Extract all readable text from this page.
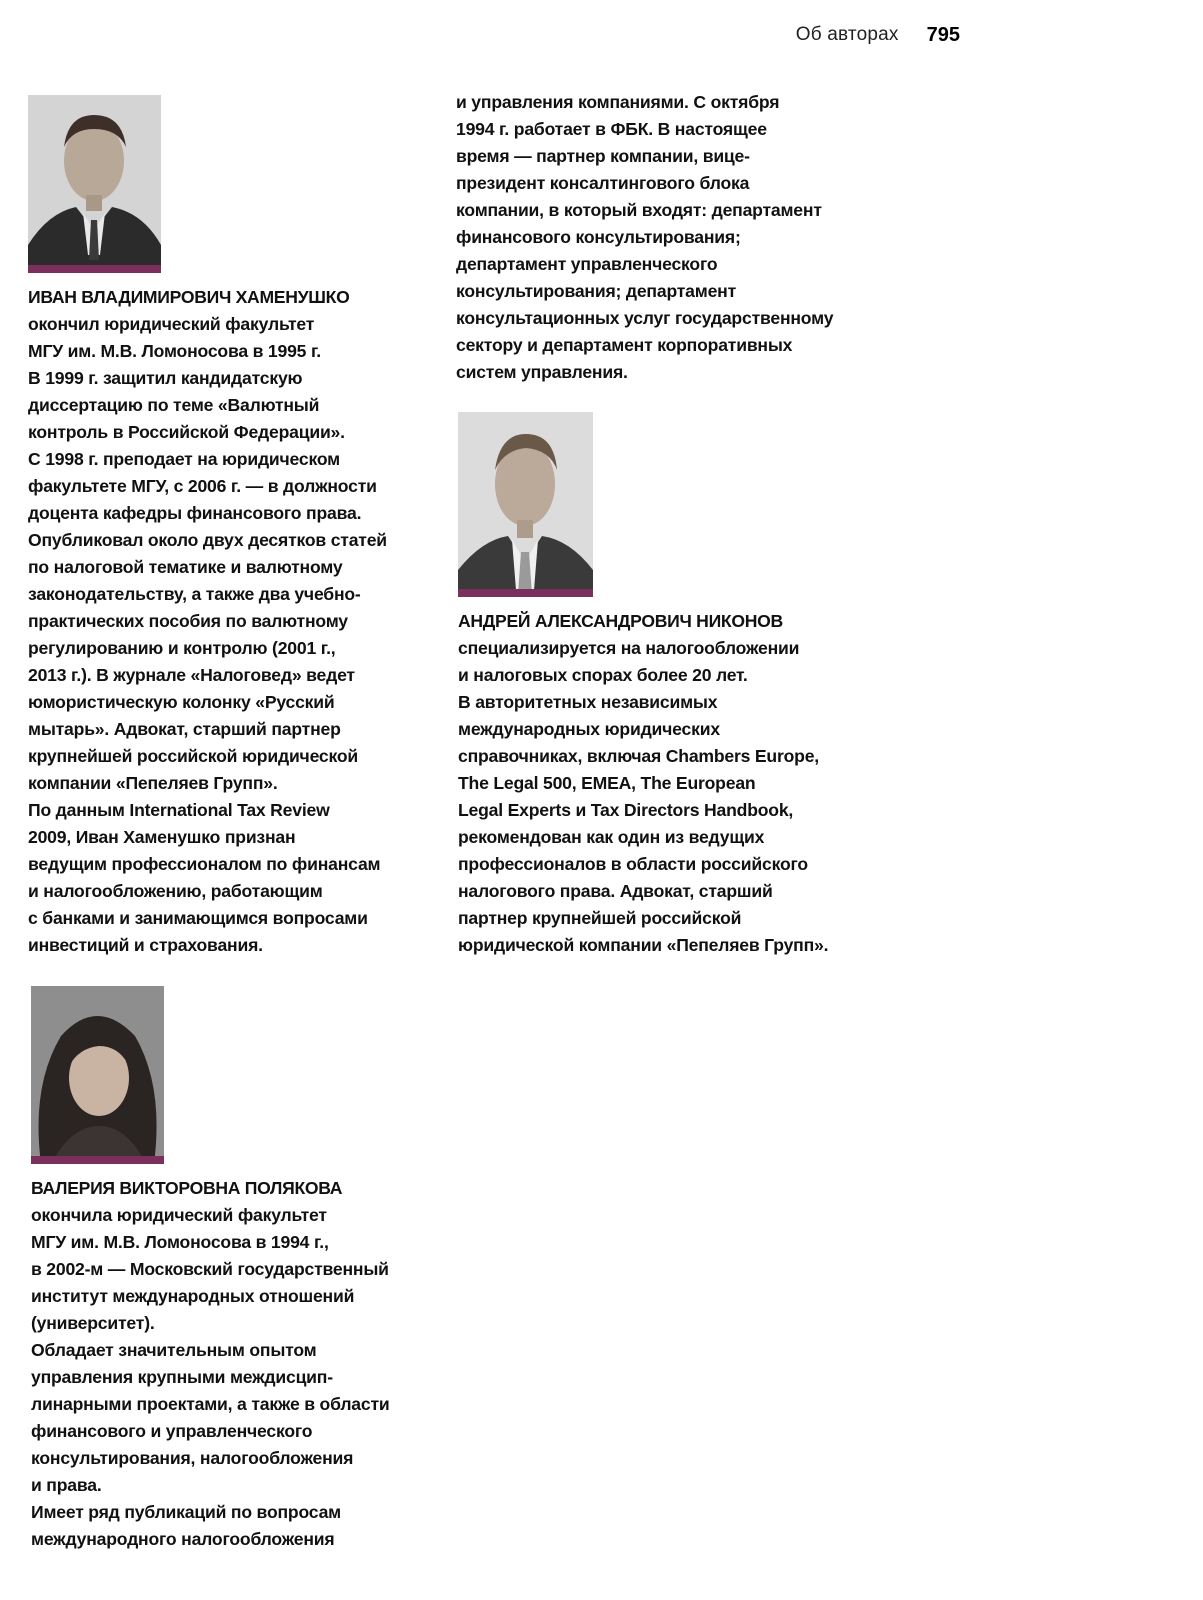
Об авторах 795

ИВАН ВЛАДИМИРОВИЧ ХАМЕНУШКО

окончил юридический факультет
МГУ им. М.В. Ломоносова в 1995 г.
В 1999 г. защитил кандидатскую
диссертацию по теме «Валютный
контроль в Российской Федерации».
С 1998 г. преподает на юридическом
факультете МГУ, с 2006 г. — в должности
доцента кафедры финансового права.
Опубликовал около двух десятков статей
по налоговой тематике и валютному
законодательству, а также два учебно-
практических пособия по валютному
регулированию и контролю (2001 г.,
2013 г.). В журнале «Налоговед» ведет
юмористическую колонку «Русский
мытарь». Адвокат, старший партнер
крупнейшей российской юридической
компании «Пепеляев Групп».
По данным International Tax Review
2009, Иван Хаменушко признан
ведущим профессионалом по финансам
и налогообложению, работающим
с банками и занимающимся вопросами
инвестиций и страхования.

ВАЛЕРИЯ ВИКТОРОВНА ПОЛЯКОВА

окончила юридический факультет
МГУ им. М.В. Ломоносова в 1994 г.,
в 2002-м — Московский государственный
институт международных отношений
(университет).
Обладает значительным опытом
управления крупными междисцип-
линарными проектами, а также в области
финансового и управленческого
консультирования, налогообложения
и права.
Имеет ряд публикаций по вопросам
международного налогообложения

и управления компаниями. С октября
1994 г. работает в ФБК. В настоящее
время — партнер компании, вице-
президент консалтингового блока
компании, в который входят: департамент
финансового консультирования;
департамент управленческого
консультирования; департамент
консультационных услуг государственному
сектору и департамент корпоративных
систем управления.

АНДРЕЙ АЛЕКСАНДРОВИЧ НИКОНОВ

специализируется на налогообложении
и налоговых спорах более 20 лет.
В авторитетных независимых
международных юридических
справочниках, включая Chambers Europe,
The Legal 500, EMEA, The European
Legal Experts и Tax Directors Handbook,
рекомендован как один из ведущих
профессионалов в области российского
налогового права. Адвокат, старший
партнер крупнейшей российской
юридической компании «Пепеляев Групп».
